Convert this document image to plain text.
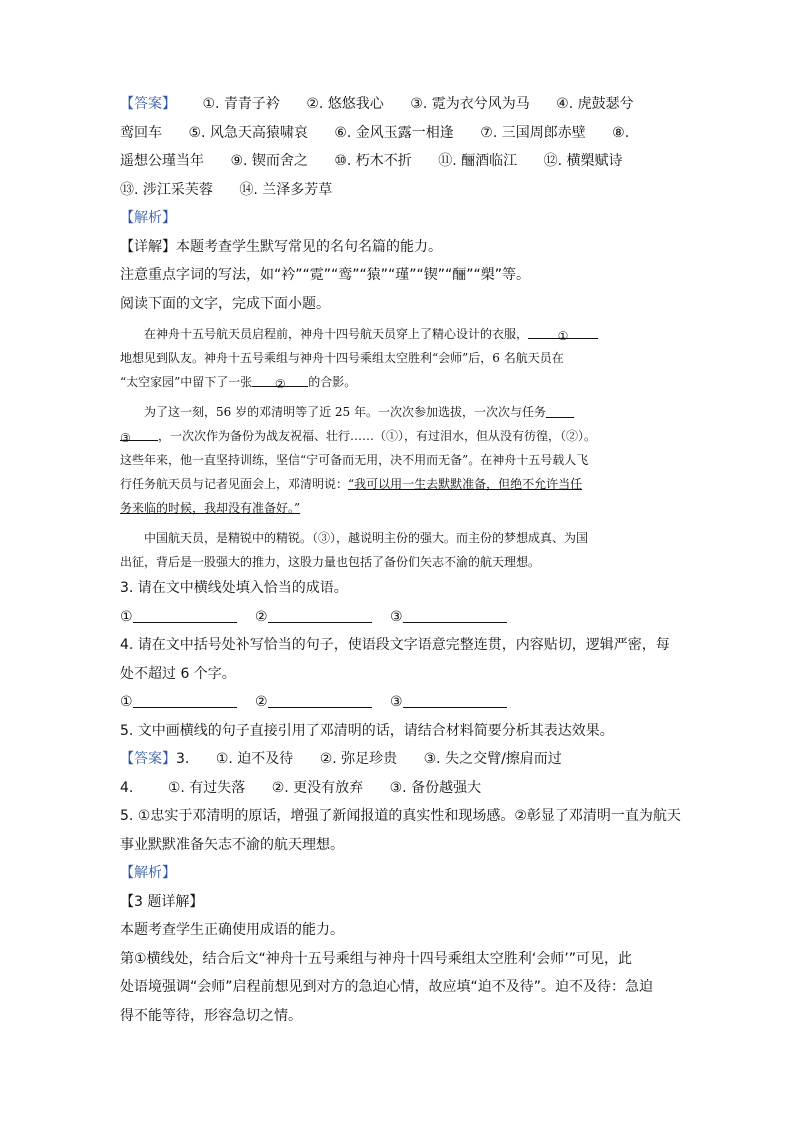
【答案】 ①. 青青子衿 ②. 悠悠我心 ③. 霓为衣兮风为马 ④. 虎鼓瑟兮
鸾回车 ⑤. 风急天高猿啸哀 ⑥. 金风玉露一相逢 ⑦. 三国周郎赤壁 ⑧.
遥想公瑾当年 ⑨. 锲而舍之 ⑩. 朽木不折 ⑪. 酾酒临江 ⑫. 横槊赋诗
⑬. 涉江采芙蓉 ⑭. 兰泽多芳草
【解析】
【详解】本题考查学生默写常见的名句名篇的能力。
注意重点字词的写法，如“衿”“霓”“鸾”“猿”“瑾”“锲”“酾”“槊”等。
阅读下面的文字，完成下面小题。
在神舟十五号航天员启程前，神舟十四号航天员穿上了精心设计的衣服， ①
地想见到队友。神舟十五号乘组与神舟十四号乘组太空胜利“会师”后，6 名航天员在
“太空家园”中留下了一张 ② 的合影。
为了这一刻，56 岁的邓清明等了近 25 年。一次次参加选拔，一次次与任务
③ ，一次次作为备份为战友祝福、壮行……（①），有过泪水，但从没有彷徨，（②）。
这些年来，他一直坚持训练，坚信“宁可备而无用，决不用而无备”。在神舟十五号载人飞
行任务航天员与记者见面会上，邓清明说：“我可以用一生去默默准备，但绝不允许当任
务来临的时候，我却没有准备好。”
中国航天员，是精锐中的精锐。（③），越说明主份的强大。而主份的梦想成真、为国
出征，背后是一股强大的推力，这股力量也包括了备份们矢志不渝的航天理想。
3. 请在文中横线处填入恰当的成语。
①	②	③
4. 请在文中括号处补写恰当的句子，使语段文字语意完整连贯，内容贴切，逻辑严密，每
处不超过 6 个字。
①	②	③
5. 文中画横线的句子直接引用了邓清明的话，请结合材料简要分析其表达效果。
【答案】3. ①. 迫不及待 ②. 弥足珍贵 ③. 失之交臂/擦肩而过
4. ①. 有过失落 ②. 更没有放弃 ③. 备份越强大
5. ①忠实于邓清明的原话，增强了新闻报道的真实性和现场感。②彰显了邓清明一直为航天
事业默默准备矢志不渝的航天理想。
【解析】
【3 题详解】
本题考查学生正确使用成语的能力。
第①横线处，结合后文“神舟十五号乘组与神舟十四号乘组太空胜利‘会师’”可见，此
处语境强调“会师”启程前想见到对方的急迫心情，故应填“迫不及待”。迫不及待：急迫
得不能等待，形容急切之情。
